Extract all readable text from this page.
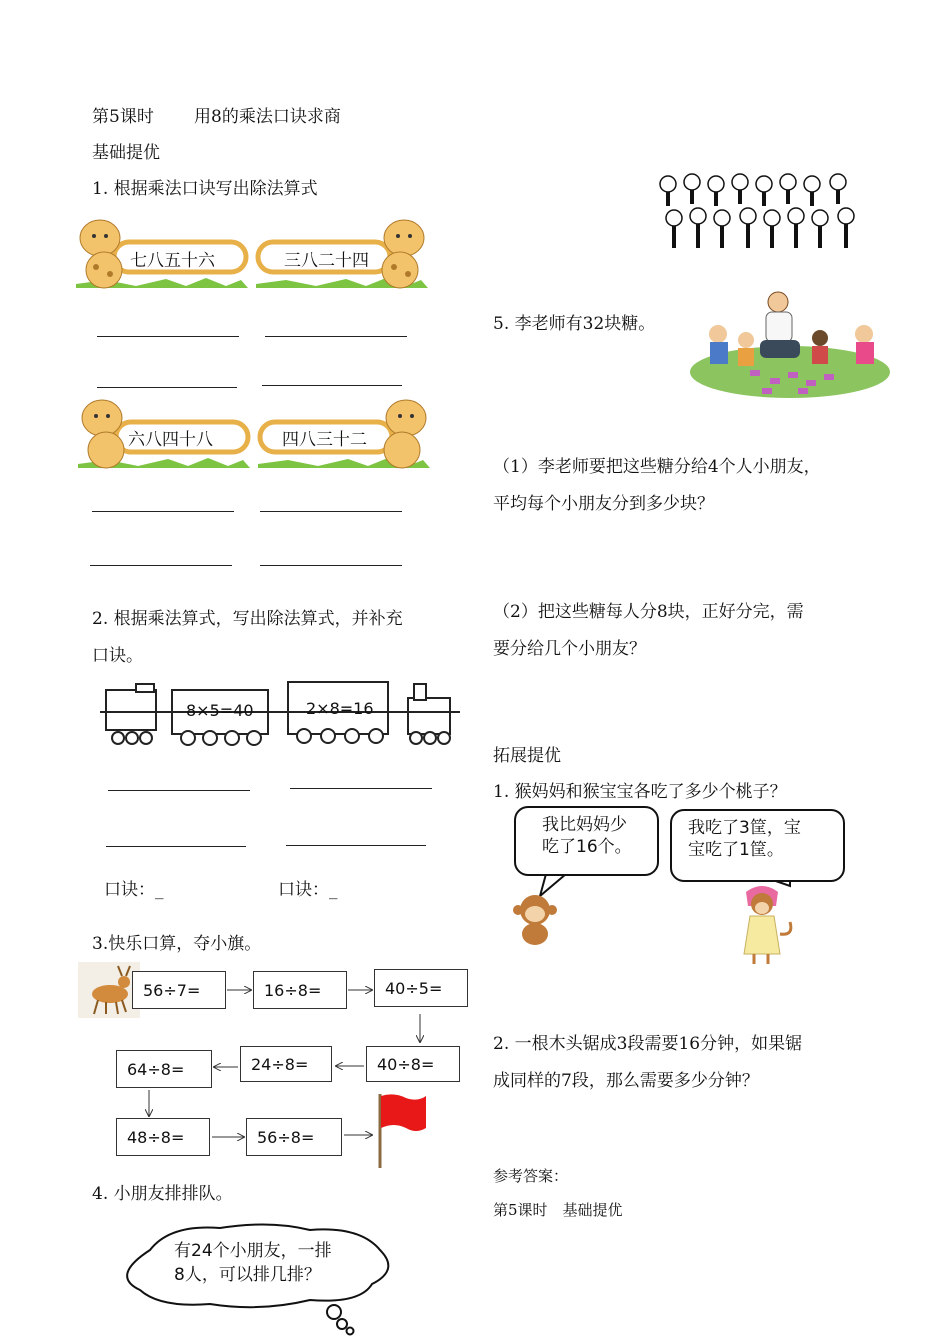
第5课时 用8的乘法口诀求商
基础提优
1. 根据乘法口诀写出除法算式
七八五十六	三八二十四
六八四十八	四八三十二
2. 根据乘法算式，写出除法算式，并补充
口诀。
8×5=40	2×8=16
口诀：_	口诀：_
3.快乐口算，夺小旗。
56÷7=	16÷8=	40÷5=
40÷8=
24÷8=
64÷8=
48÷8=	56÷8=
4. 小朋友排排队。
有24个小朋友，一排
8人，可以排几排？
5. 李老师有32块糖。
（1）李老师要把这些糖分给4个人小朋友，
平均每个小朋友分到多少块？
（2）把这些糖每人分8块，正好分完，需
要分给几个小朋友？
拓展提优
1. 猴妈妈和猴宝宝各吃了多少个桃子？
我比妈妈少
吃了16个。
我吃了3筐，宝
宝吃了1筐。
2. 一根木头锯成3段需要16分钟，如果锯
成同样的7段，那么需要多少分钟？
参考答案：
第5课时　基础提优
